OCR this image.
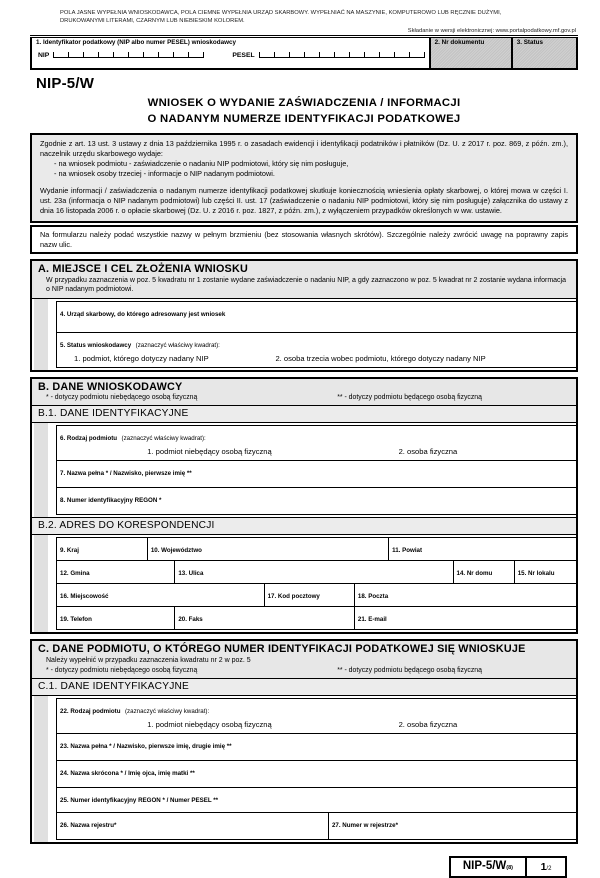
POLA JASNE WYPEŁNIA WNIOSKODAWCA, POLA CIEMNE WYPEŁNIA URZĄD SKARBOWY. WYPEŁNIAĆ NA MASZYNIE, KOMPUTEROWO LUB RĘCZNIE DUŻYMI, DRUKOWANYMI LITERAMI, CZARNYM LUB NIEBIESKIM KOLOREM.
Składanie w wersji elektronicznej: www.portalpodatkowy.mf.gov.pl
1. Identyfikator podatkowy (NIP albo numer PESEL) wnioskodawcy
NIP	PESEL
2. Nr dokumentu	3. Status
NIP-5/W
WNIOSEK O WYDANIE ZAŚWIADCZENIA / INFORMACJI
O NADANYM NUMERZE IDENTYFIKACJI PODATKOWEJ
Zgodnie z art. 13 ust. 3 ustawy z dnia 13 października 1995 r. o zasadach ewidencji i identyfikacji podatników i płatników (Dz. U. z 2017 r. poz. 869, z późn. zm.), naczelnik urzędu skarbowego wydaje:
- na wniosek podmiotu - zaświadczenie o nadaniu NIP podmiotowi, który się nim posługuje,
- na wniosek osoby trzeciej - informacje o NIP nadanym podmiotowi.
Wydanie informacji / zaświadczenia o nadanym numerze identyfikacji podatkowej skutkuje koniecznością wniesienia opłaty skarbowej, o której mowa w części I. ust. 23a (informacja o NIP nadanym podmiotowi) lub części II. ust. 17 (zaświadczenie o nadaniu NIP podmiotowi, który się nim posługuje) załącznika do ustawy z dnia 16 listopada 2006 r. o opłacie skarbowej (Dz. U. z 2016 r. poz. 1827, z późn. zm.), z wyłączeniem przypadków określonych w ww. ustawie.
Na formularzu należy podać wszystkie nazwy w pełnym brzmieniu (bez stosowania własnych skrótów). Szczególnie należy zwrócić uwagę na poprawny zapis nazw ulic.
A. MIEJSCE I CEL ZŁOŻENIA WNIOSKU
W przypadku zaznaczenia w poz. 5 kwadratu nr 1 zostanie wydane zaświadczenie o nadaniu NIP, a gdy zaznaczono w poz. 5 kwadrat nr 2 zostanie wydana informacja o NIP nadanym podmiotowi.
4. Urząd skarbowy, do którego adresowany jest wniosek
5. Status wnioskodawcy (zaznaczyć właściwy kwadrat):
1. podmiot, którego dotyczy nadany NIP	2. osoba trzecia wobec podmiotu, którego dotyczy nadany NIP
B. DANE WNIOSKODAWCY
* - dotyczy podmiotu niebędącego osobą fizyczną	** - dotyczy podmiotu będącego osobą fizyczną
B.1. DANE IDENTYFIKACYJNE
6. Rodzaj podmiotu (zaznaczyć właściwy kwadrat):
1. podmiot niebędący osobą fizyczną	2. osoba fizyczna
7. Nazwa pełna * / Nazwisko, pierwsze imię **
8. Numer identyfikacyjny REGON *
B.2. ADRES DO KORESPONDENCJI
9. Kraj	10. Województwo	11. Powiat
12. Gmina	13. Ulica	14. Nr domu	15. Nr lokalu
16. Miejscowość	17. Kod pocztowy	18. Poczta
19. Telefon	20. Faks	21. E-mail
C. DANE PODMIOTU, O KTÓREGO NUMER IDENTYFIKACJI PODATKOWEJ SIĘ WNIOSKUJE
Należy wypełnić w przypadku zaznaczenia kwadratu nr 2 w poz. 5
* - dotyczy podmiotu niebędącego osobą fizyczną	** - dotyczy podmiotu będącego osobą fizyczną
C.1. DANE IDENTYFIKACYJNE
22. Rodzaj podmiotu (zaznaczyć właściwy kwadrat):
1. podmiot niebędący osobą fizyczną	2. osoba fizyczna
23. Nazwa pełna * / Nazwisko, pierwsze imię, drugie imię **
24. Nazwa skrócona * / Imię ojca, imię matki **
25. Numer identyfikacyjny REGON * / Numer PESEL **
26. Nazwa rejestru*	27. Numer w rejestrze*
NIP-5/W(8)	1/2
